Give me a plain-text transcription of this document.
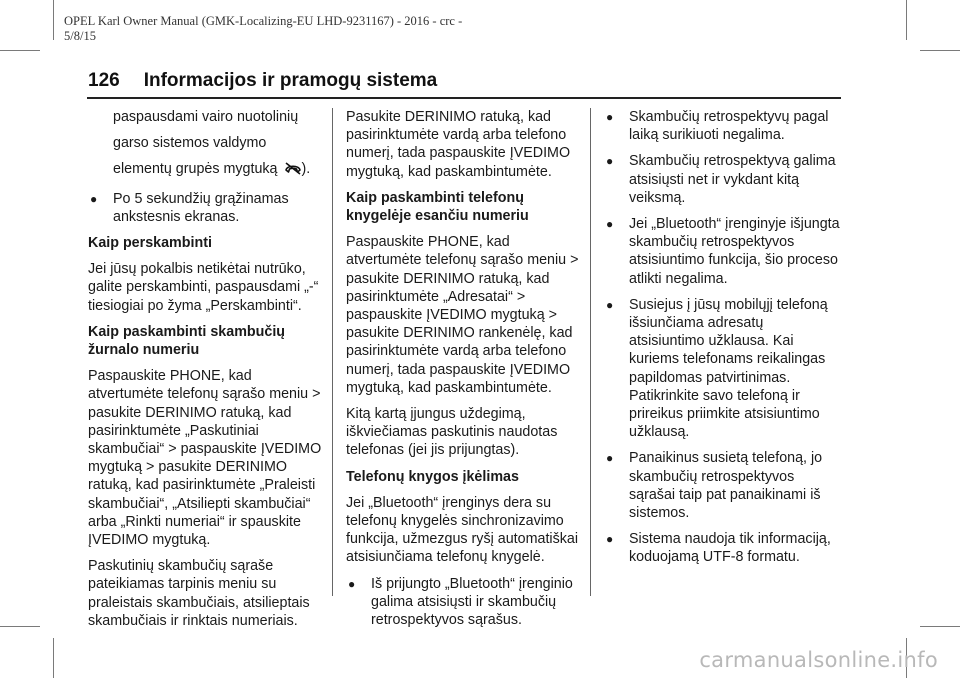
OPEL Karl Owner Manual (GMK-Localizing-EU LHD-9231167) - 2016 - crc -
5/8/15
126 Informacijos ir pramogų sistema

paspausdami vairo nuotolinių

garso sistemos valdymo

elementų grupės mygtuką ).

● Po 5 sekundžių grąžinamas ankstesnis ekranas.
Kaip perskambinti

Jei jūsų pokalbis netikėtai nutrūko, galite perskambinti, paspausdami „-“ tiesiogiai po žyma „Perskambinti“.

Kaip paskambinti skambučių žurnalo numeriu

Paspauskite PHONE, kad atvertumėte telefonų sąrašo meniu > pasukite DERINIMO ratuką, kad pasirinktumėte „Paskutiniai skambučiai“ > paspauskite ĮVEDIMO mygtuką > pasukite DERINIMO ratuką, kad pasirinktumėte „Praleisti skambučiai“, „Atsiliepti skambučiai“ arba „Rinkti numeriai“ ir spauskite ĮVEDIMO mygtuką.

Paskutinių skambučių sąraše pateikiamas tarpinis meniu su praleistais skambučiais, atsilieptais skambučiais ir rinktais numeriais.

Pasukite DERINIMO ratuką, kad pasirinktumėte vardą arba telefono numerį, tada paspauskite ĮVEDIMO mygtuką, kad paskambintumėte.

Kaip paskambinti telefonų knygelėje esančiu numeriu

Paspauskite PHONE, kad atvertumėte telefonų sąrašo meniu > pasukite DERINIMO ratuką, kad pasirinktumėte „Adresatai“ > paspauskite ĮVEDIMO mygtuką > pasukite DERINIMO rankenėlę, kad pasirinktumėte vardą arba telefono numerį, tada paspauskite ĮVEDIMO mygtuką, kad paskambintumėte.

Kitą kartą įjungus uždegimą, iškviečiamas paskutinis naudotas telefonas (jei jis prijungtas).

Telefonų knygos įkėlimas

Jei „Bluetooth“ įrenginys dera su telefonų knygelės sinchronizavimo funkcija, užmezgus ryšį automatiškai atsisiunčiama telefonų knygelė.

● Iš prijungto „Bluetooth“ įrenginio galima atsisiųsti ir skambučių retrospektyvos sąrašus.
● Skambučių retrospektyvų pagal laiką surikiuoti negalima.
● Skambučių retrospektyvą galima atsisiųsti net ir vykdant kitą veiksmą.
● Jei „Bluetooth“ įrenginyje išjungta skambučių retrospektyvos atsisiuntimo funkcija, šio proceso atlikti negalima.
● Susiejus į jūsų mobilųjį telefoną išsiunčiama adresatų atsisiuntimo užklausa. Kai kuriems telefonams reikalingas papildomas patvirtinimas. Patikrinkite savo telefoną ir prireikus priimkite atsisiuntimo užklausą.
● Panaikinus susietą telefoną, jo skambučių retrospektyvos sąrašai taip pat panaikinami iš sistemos.
● Sistema naudoja tik informaciją, koduojamą UTF-8 formatu.
carmanualsonline.info
